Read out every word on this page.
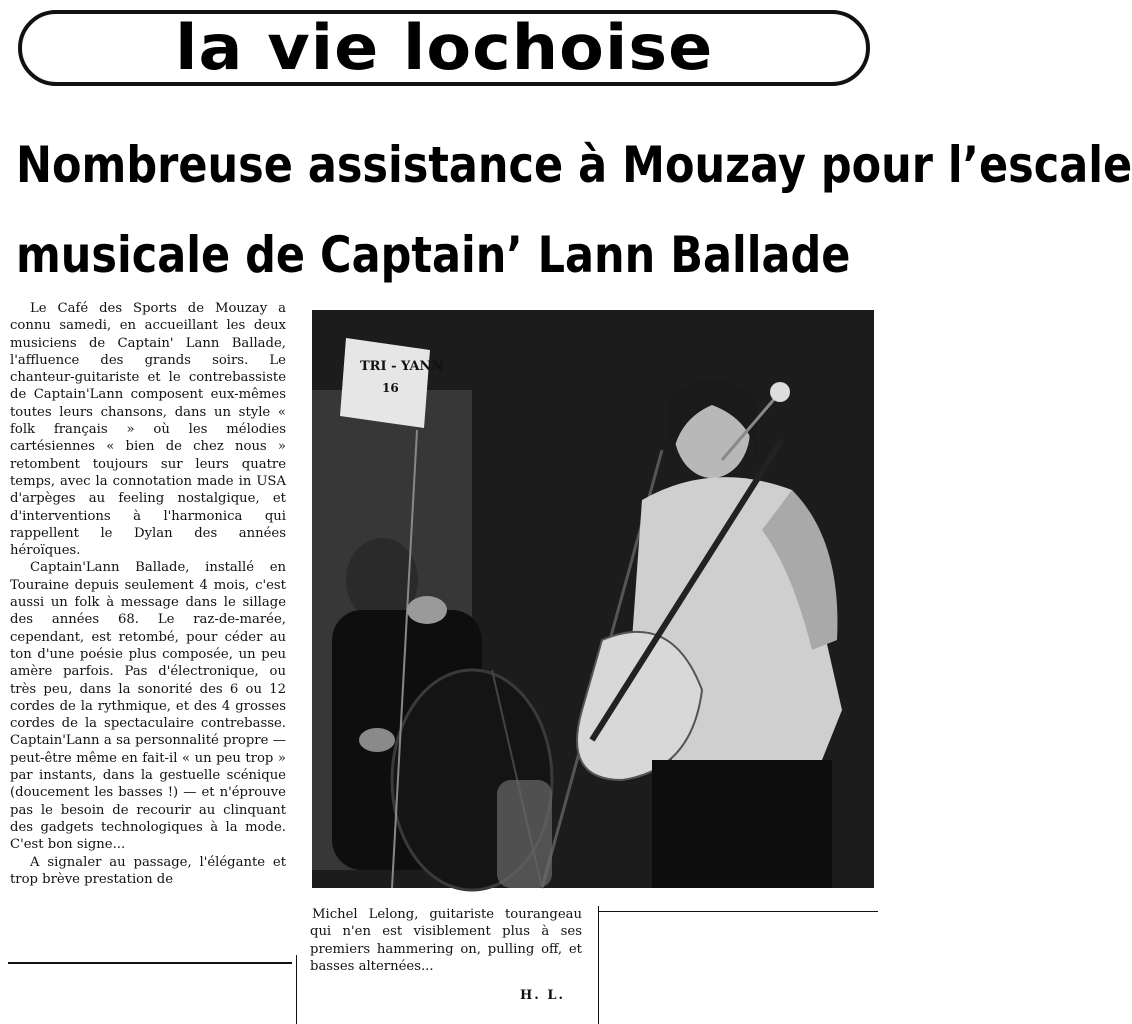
la vie lochoise
Nombreuse assistance à Mouzay pour l’escale
musicale de Captain’ Lann Ballade

Le Café des Sports de Mouzay a connu samedi, en accueillant les deux musiciens de Captain' Lann Ballade, l'affluence des grands soirs. Le chanteur-guitariste et le contrebassiste de Captain'Lann composent eux-mêmes toutes leurs chansons, dans un style « folk français » où les mélodies cartésiennes « bien de chez nous » retombent toujours sur leurs quatre temps, avec la connotation made in USA d'arpèges au feeling nostalgique, et d'interventions à l'harmonica qui rappellent le Dylan des années héroïques.

Captain'Lann Ballade, installé en Touraine depuis seulement 4 mois, c'est aussi un folk à message dans le sillage des années 68. Le raz-de-marée, cependant, est retombé, pour céder au ton d'une poésie plus composée, un peu amère parfois. Pas d'électronique, ou très peu, dans la sonorité des 6 ou 12 cordes de la rythmique, et des 4 grosses cordes de la spectaculaire contrebasse. Captain'Lann a sa personnalité propre — peut-être même en fait-il « un peu trop » par instants, dans la gestuelle scénique (doucement les basses !) — et n'éprouve pas le besoin de recourir au clinquant des gadgets technologiques à la mode. C'est bon signe...

A signaler au passage, l'élégante et trop brève prestation de

TRI - YANN
16

Michel Lelong, guitariste tourangeau qui n'en est visiblement plus à ses premiers hammering on, pulling off, et basses alternées...

H. L.
